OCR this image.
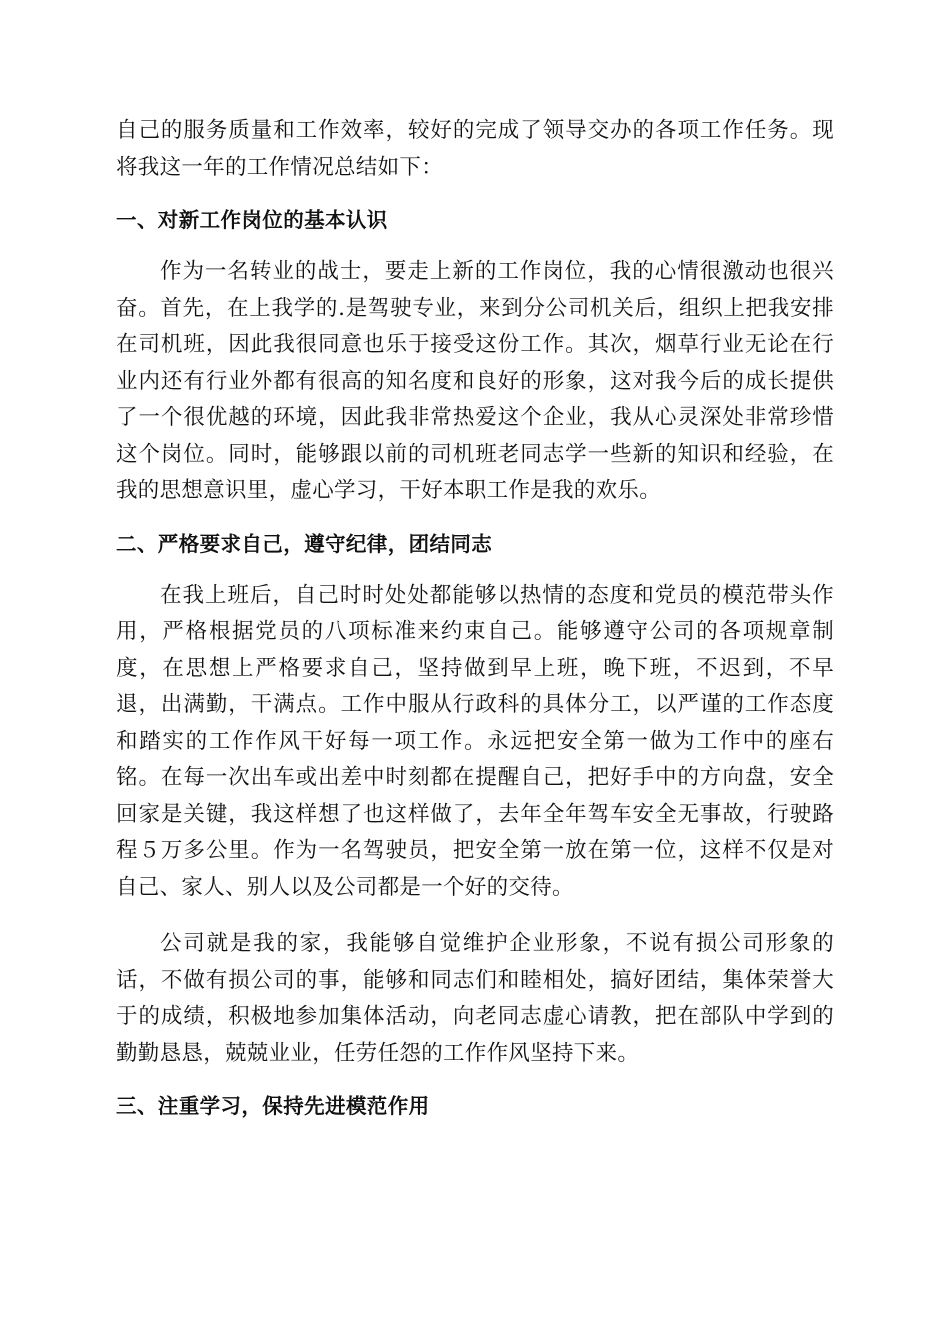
自己的服务质量和工作效率，较好的完成了领导交办的各项工作任务。现将我这一年的工作情况总结如下：

一、对新工作岗位的基本认识

作为一名转业的战士，要走上新的工作岗位，我的心情很激动也很兴奋。首先，在上我学的.是驾驶专业，来到分公司机关后，组织上把我安排在司机班，因此我很同意也乐于接受这份工作。其次，烟草行业无论在行业内还有行业外都有很高的知名度和良好的形象，这对我今后的成长提供了一个很优越的环境，因此我非常热爱这个企业，我从心灵深处非常珍惜这个岗位。同时，能够跟以前的司机班老同志学一些新的知识和经验，在我的思想意识里，虚心学习，干好本职工作是我的欢乐。

二、严格要求自己，遵守纪律，团结同志

在我上班后，自己时时处处都能够以热情的态度和党员的模范带头作用，严格根据党员的八项标准来约束自己。能够遵守公司的各项规章制度，在思想上严格要求自己，坚持做到早上班，晚下班，不迟到，不早退，出满勤，干满点。工作中服从行政科的具体分工，以严谨的工作态度和踏实的工作作风干好每一项工作。永远把安全第一做为工作中的座右铭。在每一次出车或出差中时刻都在提醒自己，把好手中的方向盘，安全回家是关键，我这样想了也这样做了，去年全年驾车安全无事故，行驶路程５万多公里。作为一名驾驶员，把安全第一放在第一位，这样不仅是对自己、家人、别人以及公司都是一个好的交待。

公司就是我的家，我能够自觉维护企业形象，不说有损公司形象的话，不做有损公司的事，能够和同志们和睦相处，搞好团结，集体荣誉大于的成绩，积极地参加集体活动，向老同志虚心请教，把在部队中学到的勤勤恳恳，兢兢业业，任劳任怨的工作作风坚持下来。

三、注重学习，保持先进模范作用
